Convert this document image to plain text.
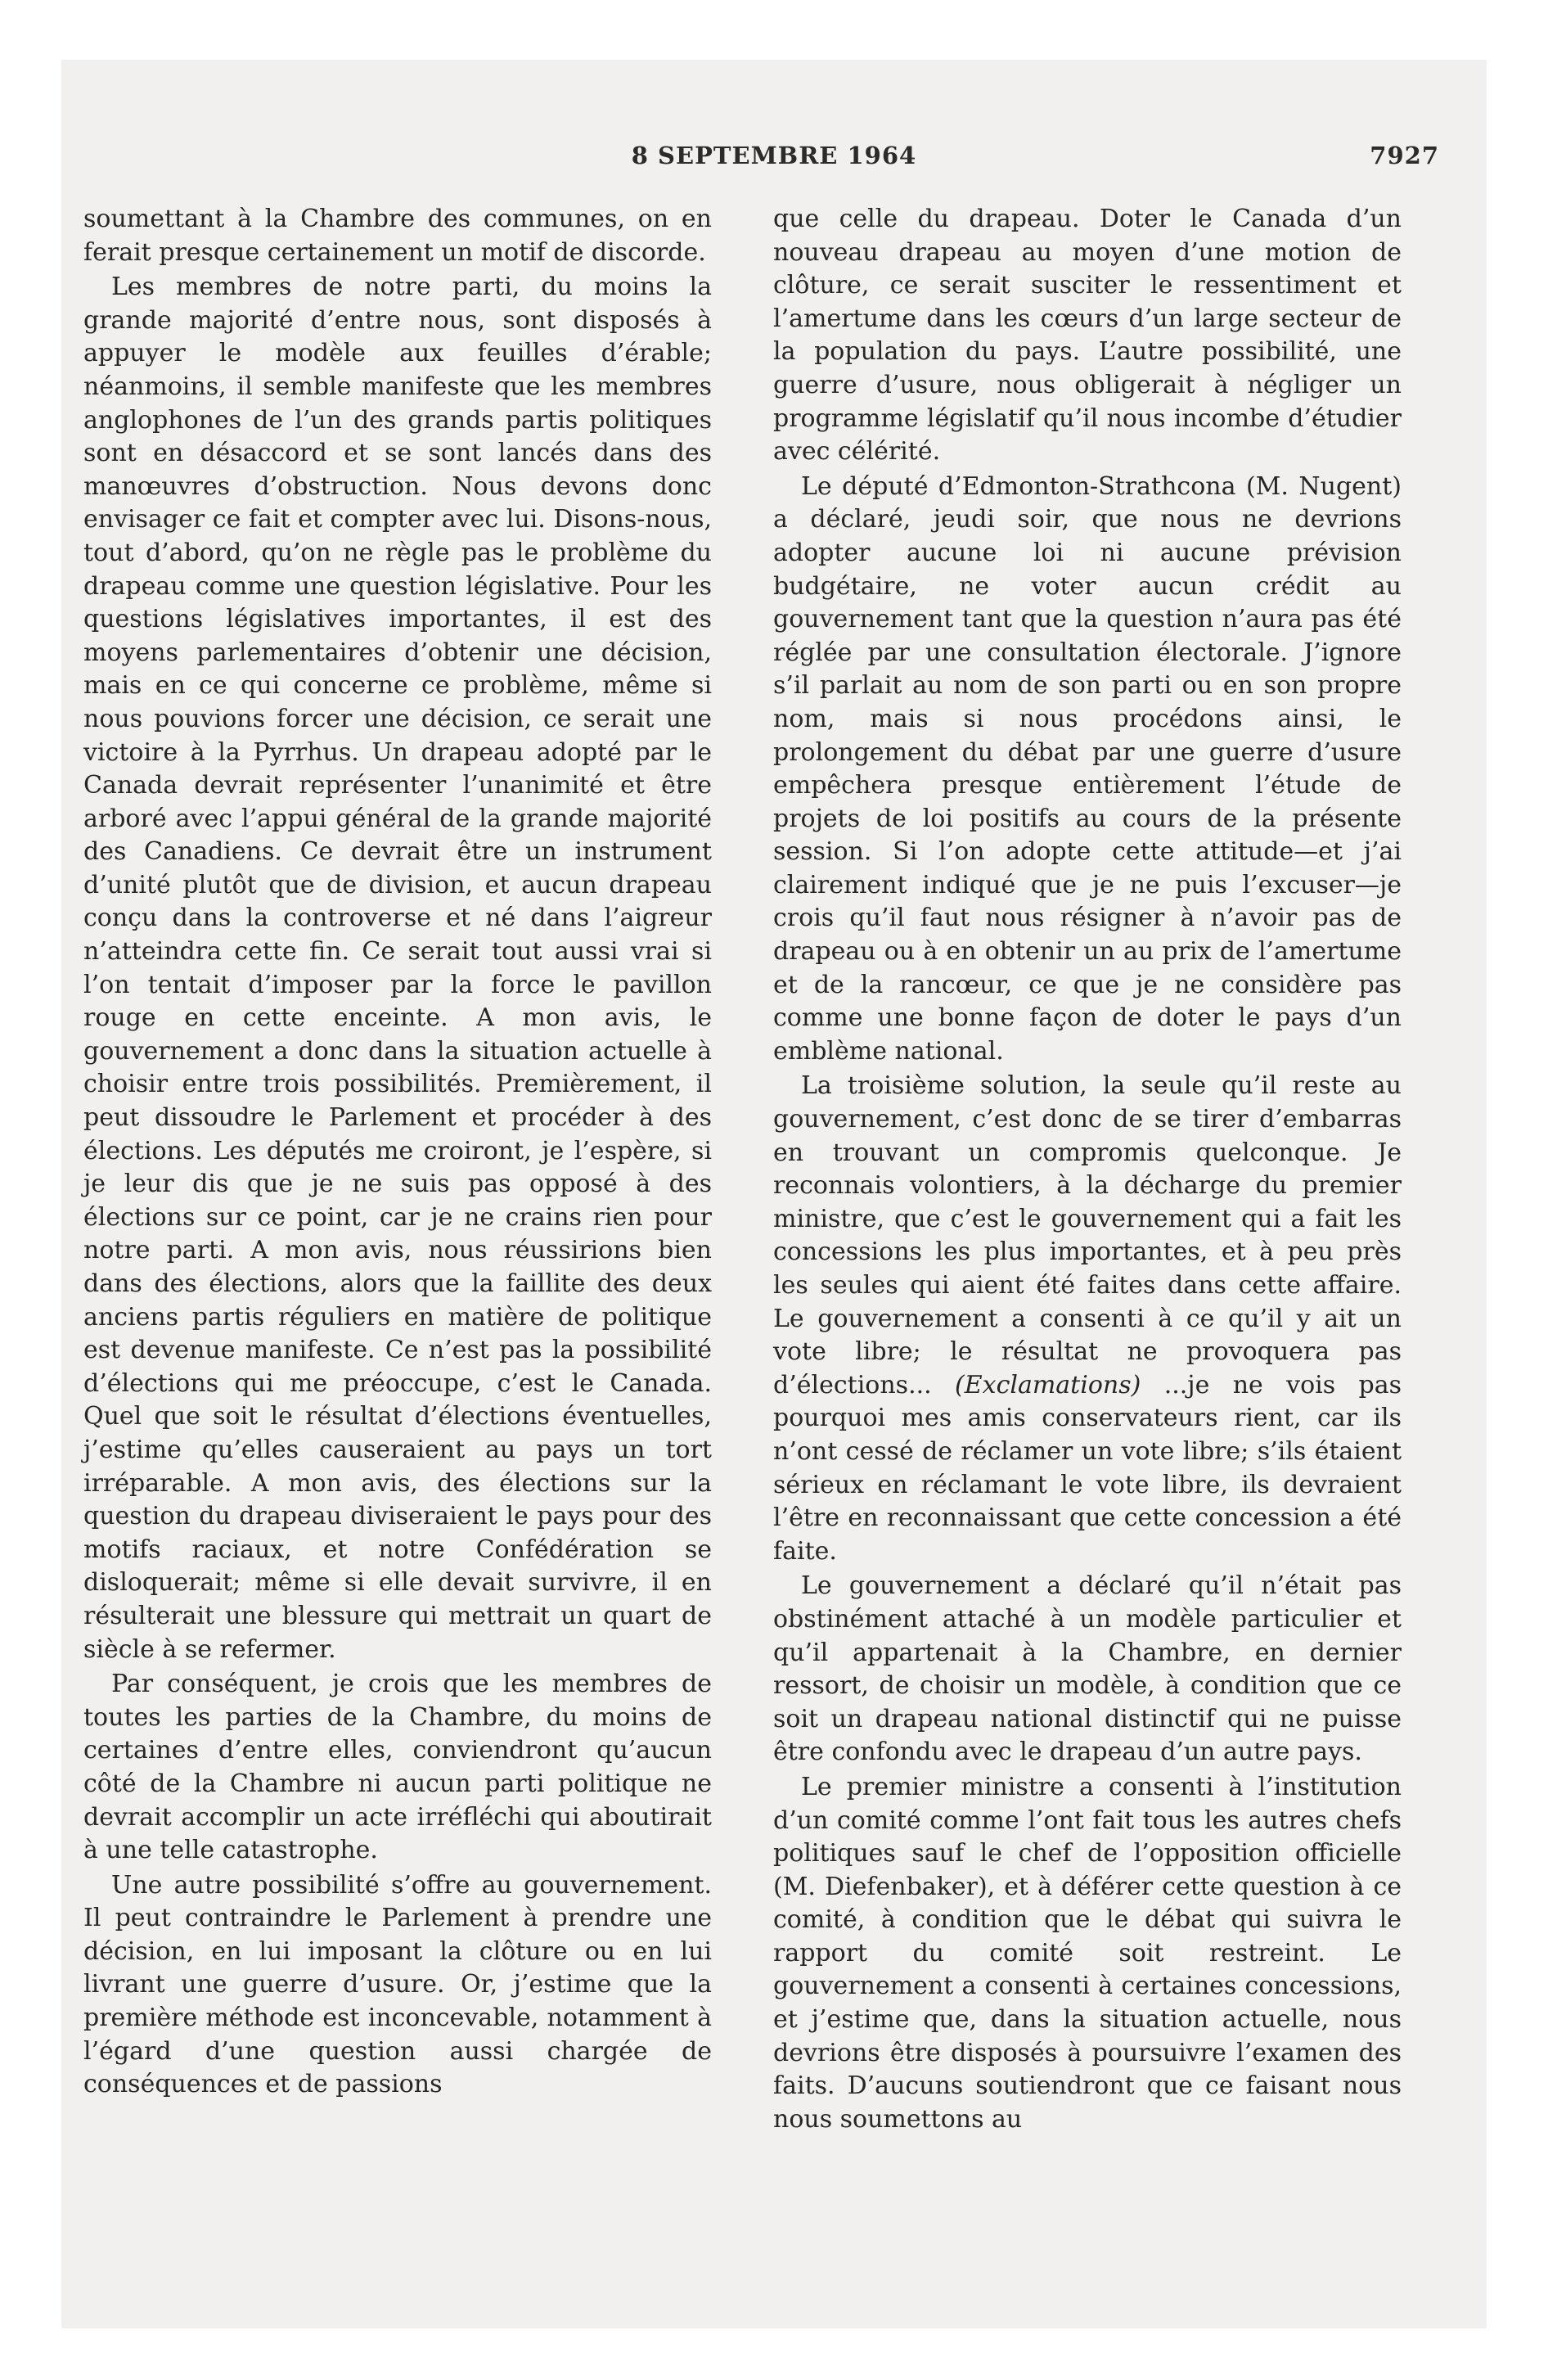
8 SEPTEMBRE 1964	7927

soumettant à la Chambre des communes, on en ferait presque certainement un motif de discorde.

Les membres de notre parti, du moins la grande majorité d’entre nous, sont disposés à appuyer le modèle aux feuilles d’érable; néanmoins, il semble manifeste que les membres anglophones de l’un des grands partis politiques sont en désaccord et se sont lancés dans des manœuvres d’obstruction. Nous devons donc envisager ce fait et compter avec lui. Disons-nous, tout d’abord, qu’on ne règle pas le problème du drapeau comme une question législative. Pour les questions législatives importantes, il est des moyens parlementaires d’obtenir une décision, mais en ce qui concerne ce problème, même si nous pouvions forcer une décision, ce serait une victoire à la Pyrrhus. Un drapeau adopté par le Canada devrait représenter l’unanimité et être arboré avec l’appui général de la grande majorité des Canadiens. Ce devrait être un instrument d’unité plutôt que de division, et aucun drapeau conçu dans la controverse et né dans l’aigreur n’atteindra cette fin. Ce serait tout aussi vrai si l’on tentait d’imposer par la force le pavillon rouge en cette enceinte. A mon avis, le gouvernement a donc dans la situation actuelle à choisir entre trois possibilités. Premièrement, il peut dissoudre le Parlement et procéder à des élections. Les députés me croiront, je l’espère, si je leur dis que je ne suis pas opposé à des élections sur ce point, car je ne crains rien pour notre parti. A mon avis, nous réussirions bien dans des élections, alors que la faillite des deux anciens partis réguliers en matière de politique est devenue manifeste. Ce n’est pas la possibilité d’élections qui me préoccupe, c’est le Canada. Quel que soit le résultat d’élections éventuelles, j’estime qu’elles causeraient au pays un tort irréparable. A mon avis, des élections sur la question du drapeau diviseraient le pays pour des motifs raciaux, et notre Confédération se disloquerait; même si elle devait survivre, il en résulterait une blessure qui mettrait un quart de siècle à se refermer.

Par conséquent, je crois que les membres de toutes les parties de la Chambre, du moins de certaines d’entre elles, conviendront qu’aucun côté de la Chambre ni aucun parti politique ne devrait accomplir un acte irréfléchi qui aboutirait à une telle catastrophe.

Une autre possibilité s’offre au gouvernement. Il peut contraindre le Parlement à prendre une décision, en lui imposant la clôture ou en lui livrant une guerre d’usure. Or, j’estime que la première méthode est inconcevable, notamment à l’égard d’une question aussi chargée de conséquences et de passions

que celle du drapeau. Doter le Canada d’un nouveau drapeau au moyen d’une motion de clôture, ce serait susciter le ressentiment et l’amertume dans les cœurs d’un large secteur de la population du pays. L’autre possibilité, une guerre d’usure, nous obligerait à négliger un programme législatif qu’il nous incombe d’étudier avec célérité.

Le député d’Edmonton-Strathcona (M. Nugent) a déclaré, jeudi soir, que nous ne devrions adopter aucune loi ni aucune prévision budgétaire, ne voter aucun crédit au gouvernement tant que la question n’aura pas été réglée par une consultation électorale. J’ignore s’il parlait au nom de son parti ou en son propre nom, mais si nous procédons ainsi, le prolongement du débat par une guerre d’usure empêchera presque entièrement l’étude de projets de loi positifs au cours de la présente session. Si l’on adopte cette attitude—et j’ai clairement indiqué que je ne puis l’excuser—je crois qu’il faut nous résigner à n’avoir pas de drapeau ou à en obtenir un au prix de l’amertume et de la rancœur, ce que je ne considère pas comme une bonne façon de doter le pays d’un emblème national.

La troisième solution, la seule qu’il reste au gouvernement, c’est donc de se tirer d’embarras en trouvant un compromis quelconque. Je reconnais volontiers, à la décharge du premier ministre, que c’est le gouvernement qui a fait les concessions les plus importantes, et à peu près les seules qui aient été faites dans cette affaire. Le gouvernement a consenti à ce qu’il y ait un vote libre; le résultat ne provoquera pas d’élections... (Exclamations) ...je ne vois pas pourquoi mes amis conservateurs rient, car ils n’ont cessé de réclamer un vote libre; s’ils étaient sérieux en réclamant le vote libre, ils devraient l’être en reconnaissant que cette concession a été faite.

Le gouvernement a déclaré qu’il n’était pas obstinément attaché à un modèle particulier et qu’il appartenait à la Chambre, en dernier ressort, de choisir un modèle, à condition que ce soit un drapeau national distinctif qui ne puisse être confondu avec le drapeau d’un autre pays.

Le premier ministre a consenti à l’institution d’un comité comme l’ont fait tous les autres chefs politiques sauf le chef de l’opposition officielle (M. Diefenbaker), et à déférer cette question à ce comité, à condition que le débat qui suivra le rapport du comité soit restreint. Le gouvernement a consenti à certaines concessions, et j’estime que, dans la situation actuelle, nous devrions être disposés à poursuivre l’examen des faits. D’aucuns soutiendront que ce faisant nous nous soumettons au
